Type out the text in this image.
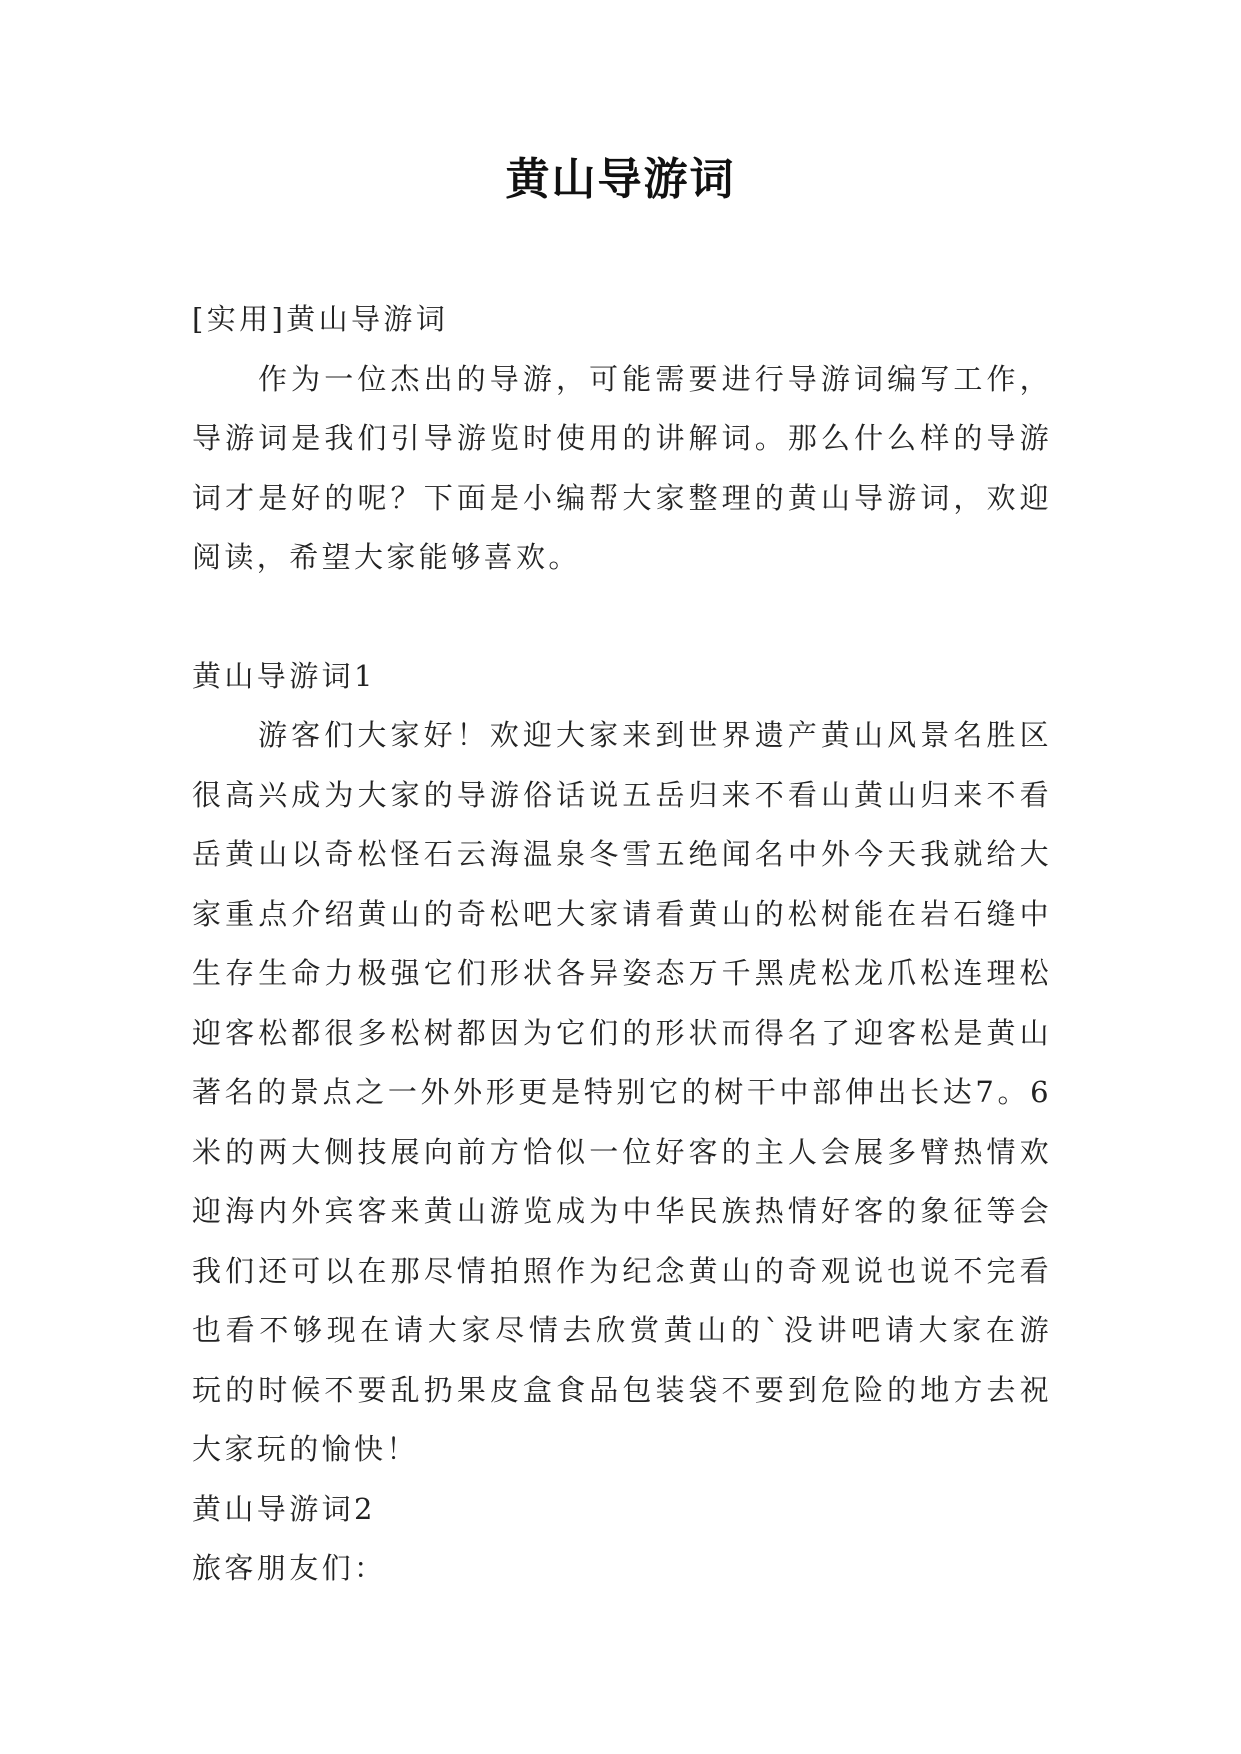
黄山导游词

[实用]黄山导游词

作为一位杰出的导游，可能需要进行导游词编写工作，导游词是我们引导游览时使用的讲解词。那么什么样的导游词才是好的呢？下面是小编帮大家整理的黄山导游词，欢迎阅读，希望大家能够喜欢。

黄山导游词1

游客们大家好！欢迎大家来到世界遗产黄山风景名胜区很高兴成为大家的导游俗话说五岳归来不看山黄山归来不看岳黄山以奇松怪石云海温泉冬雪五绝闻名中外今天我就给大家重点介绍黄山的奇松吧大家请看黄山的松树能在岩石缝中生存生命力极强它们形状各异姿态万千黑虎松龙爪松连理松迎客松都很多松树都因为它们的形状而得名了迎客松是黄山著名的景点之一外外形更是特别它的树干中部伸出长达7。6米的两大侧技展向前方恰似一位好客的主人会展多臂热情欢迎海内外宾客来黄山游览成为中华民族热情好客的象征等会我们还可以在那尽情拍照作为纪念黄山的奇观说也说不完看也看不够现在请大家尽情去欣赏黄山的`没讲吧请大家在游玩的时候不要乱扔果皮盒食品包装袋不要到危险的地方去祝大家玩的愉快！

黄山导游词2

旅客朋友们：
